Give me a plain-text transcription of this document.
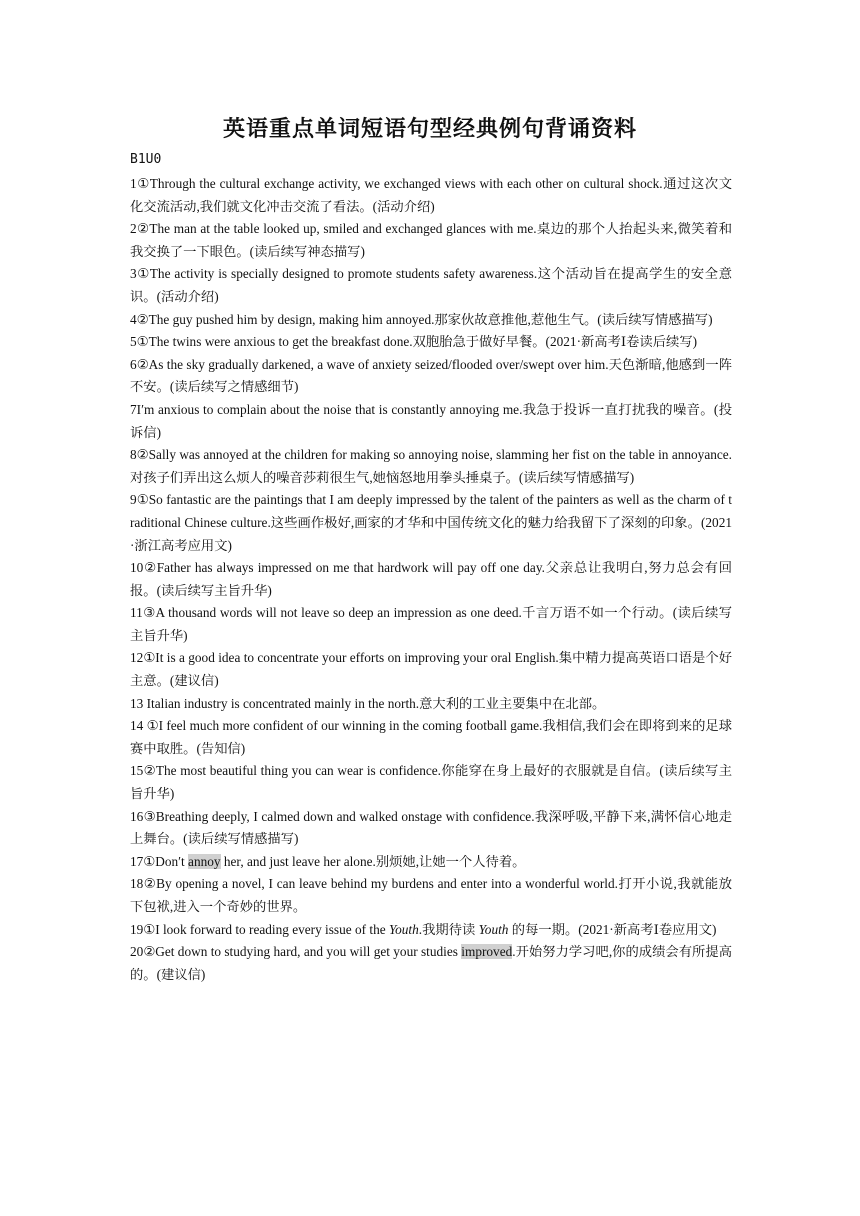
英语重点单词短语句型经典例句背诵资料
B1U0

1①Through the cultural exchange activity, we exchanged views with each other on cultural shock.通过这次文化交流活动,我们就文化冲击交流了看法。(活动介绍)

2②The man at the table looked up, smiled and exchanged glances with me.桌边的那个人抬起头来,微笑着和我交换了一下眼色。(读后续写神态描写)

3①The activity is specially designed to promote students safety awareness.这个活动旨在提高学生的安全意识。(活动介绍)

4②The guy pushed him by design, making him annoyed.那家伙故意推他,惹他生气。(读后续写情感描写)

5①The twins were anxious to get the breakfast done.双胞胎急于做好早餐。(2021·新高考Ⅰ卷读后续写)

6②As the sky gradually darkened, a wave of anxiety seized/flooded over/swept over him.天色渐暗,他感到一阵不安。(读后续写之情感细节)

7I′m anxious to complain about the noise that is constantly annoying me.我急于投诉一直打扰我的噪音。(投诉信)

8②Sally was annoyed at the children for making so annoying noise, slamming her fist on the table in annoyance.对孩子们弄出这么烦人的噪音莎莉很生气,她恼怒地用拳头捶桌子。(读后续写情感描写)

9①So fantastic are the paintings that I am deeply impressed by the talent of the painters as well as the charm of traditional Chinese culture.这些画作极好,画家的才华和中国传统文化的魅力给我留下了深刻的印象。(2021·浙江高考应用文)

10②Father has always impressed on me that hardwork will pay off one day.父亲总让我明白,努力总会有回报。(读后续写主旨升华)

11③A thousand words will not leave so deep an impression as one deed.千言万语不如一个行动。(读后续写主旨升华)

12①It is a good idea to concentrate your efforts on improving your oral English.集中精力提高英语口语是个好主意。(建议信)

13 Italian industry is concentrated mainly in the north.意大利的工业主要集中在北部。

14 ①I feel much more confident of our winning in the coming football game.我相信,我们会在即将到来的足球赛中取胜。(告知信)

15②The most beautiful thing you can wear is confidence.你能穿在身上最好的衣服就是自信。(读后续写主旨升华)

16③Breathing deeply, I calmed down and walked onstage with confidence.我深呼吸,平静下来,满怀信心地走上舞台。(读后续写情感描写)

17①Don′t annoy her, and just leave her alone.别烦她,让她一个人待着。

18②By opening a novel, I can leave behind my burdens and enter into a wonderful world.打开小说,我就能放下包袱,进入一个奇妙的世界。

19①I look forward to reading every issue of the Youth.我期待读 Youth 的每一期。(2021·新高考Ⅰ卷应用文)

20②Get down to studying hard, and you will get your studies improved.开始努力学习吧,你的成绩会有所提高的。(建议信)
